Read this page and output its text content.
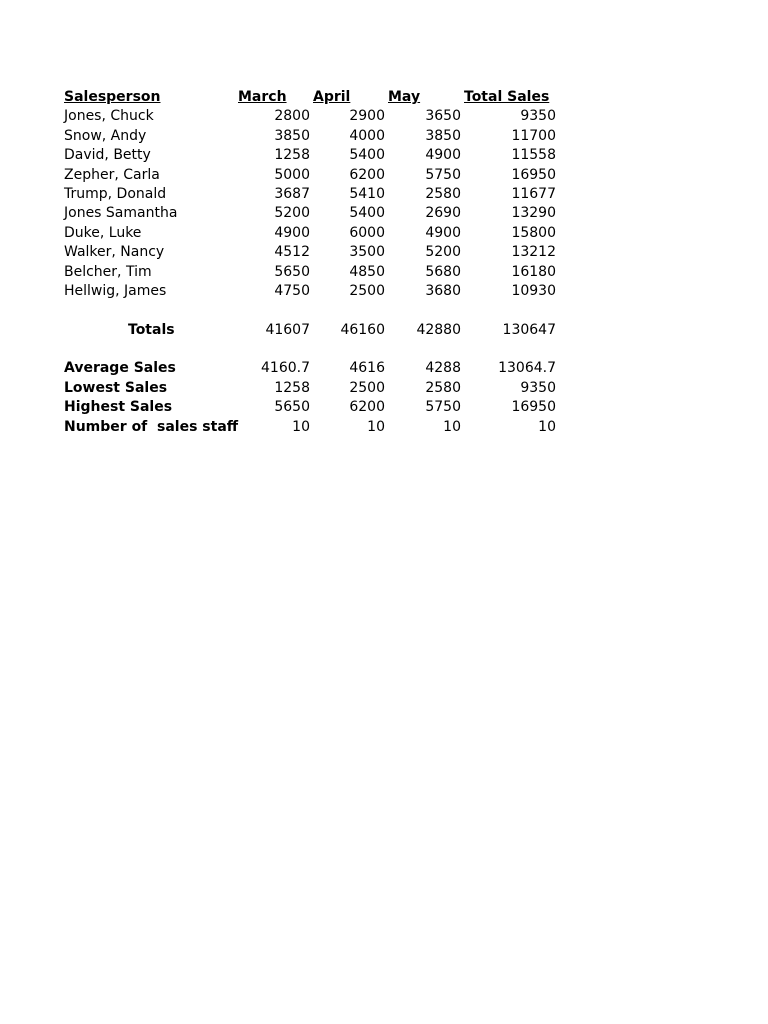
Salesperson	March April	May	Total Sales
Jones, Chuck	2800	2900	3650	9350
Snow, Andy	3850	4000	3850	11700
David, Betty	1258	5400	4900	11558
Zepher, Carla	5000	6200	5750	16950
Trump, Donald	3687	5410	2580	11677
Jones Samantha	5200	5400	2690	13290
Duke, Luke	4900	6000	4900	15800
Walker, Nancy	4512	3500	5200	13212
Belcher, Tim	5650	4850	5680	16180
Hellwig, James	4750	2500	3680	10930
Totals	41607 46160 42880	130647
Average Sales	4160.7	4616	4288	13064.7
Lowest Sales	1258	2500	2580	9350
Highest Sales	5650	6200	5750	16950
Number of  sales staff	10	10	10	10
